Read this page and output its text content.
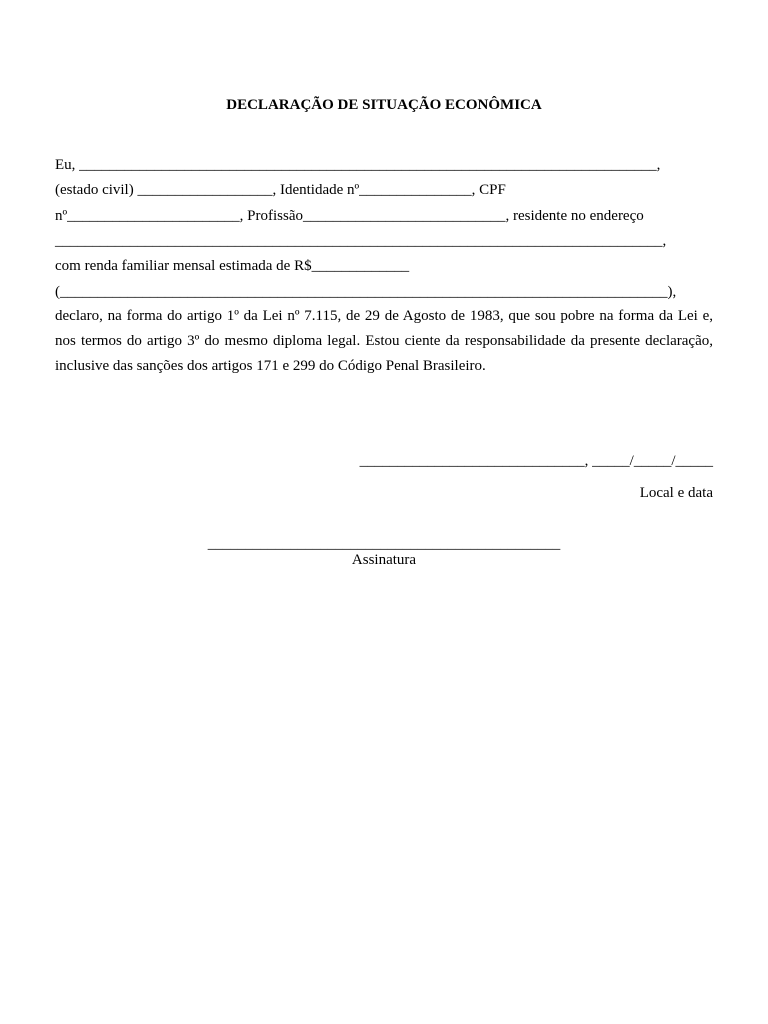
DECLARAÇÃO DE SITUAÇÃO ECONÔMICA
Eu, _____________________________________________________________________________,
(estado civil) __________________, Identidade nº_______________, CPF
nº_______________________, Profissão___________________________, residente no endereço
_________________________________________________________________________________,
com renda familiar mensal estimada de R$_____________
(_________________________________________________________________________________),
declaro, na forma do artigo 1º da Lei nº 7.115, de 29 de Agosto de 1983, que sou pobre na forma da Lei e,
nos termos do artigo 3º do mesmo diploma legal. Estou ciente da responsabilidade da presente declaração,
inclusive das sanções dos artigos 171 e 299 do Código Penal Brasileiro.
______________________________, _____/_____/_____
Local e data
_______________________________________________
Assinatura
